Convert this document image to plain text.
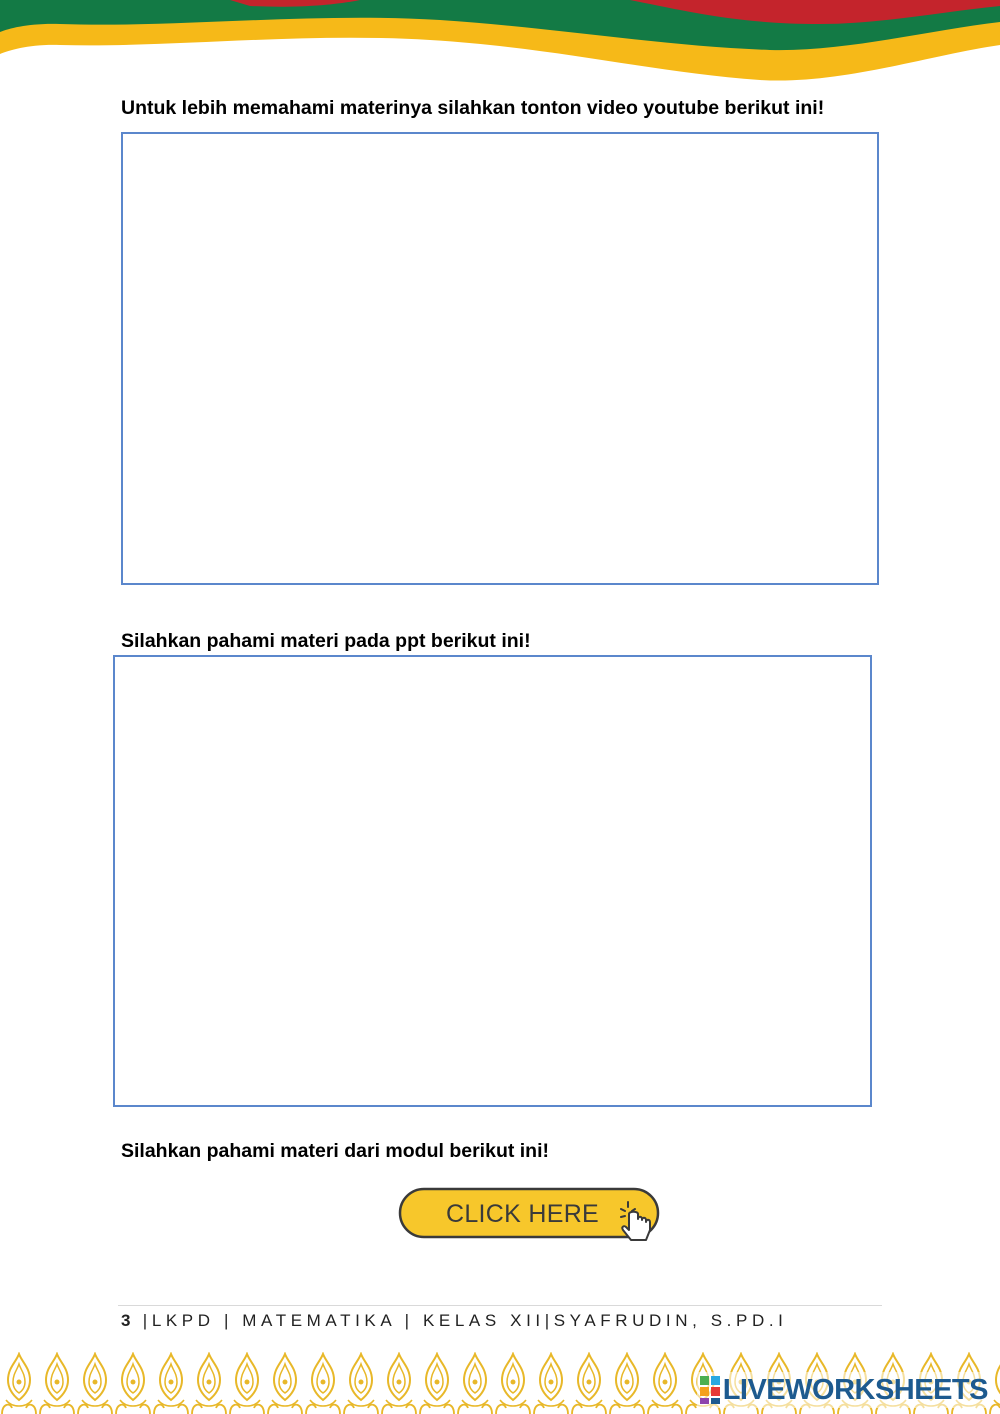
Untuk lebih memahami materinya silahkan tonton video youtube berikut ini!

Silahkan pahami materi pada ppt berikut ini!

Silahkan pahami materi dari modul berikut ini!

CLICK HERE
3 |LKPD | MATEMATIKA | KELAS XII|SYAFRUDIN, S.PD.I
LIVEWORKSHEETS
